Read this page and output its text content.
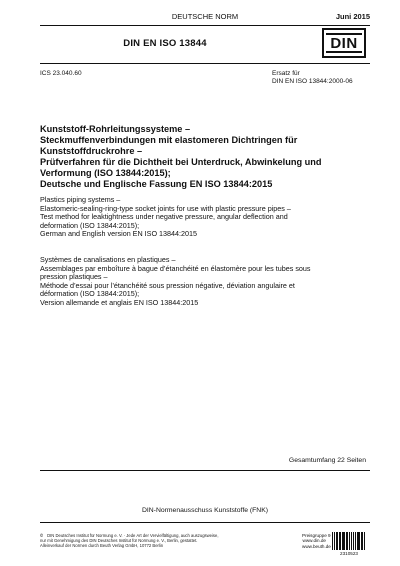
DEUTSCHE NORM	Juni 2015
DIN EN ISO 13844	DIN
ICS 23.040.60	Ersatz für
DIN EN ISO 13844:2000-06
Kunststoff-Rohrleitungssysteme –
Steckmuffenverbindungen mit elastomeren Dichtringen für
Kunststoffdruckrohre –
Prüfverfahren für die Dichtheit bei Unterdruck, Abwinkelung und
Verformung (ISO 13844:2015);
Deutsche und Englische Fassung EN ISO 13844:2015
Plastics piping systems –
Elastomeric-sealing-ring-type socket joints for use with plastic pressure pipes –
Test method for leaktightness under negative pressure, angular deflection and
deformation (ISO 13844:2015);
German and English version EN ISO 13844:2015
Systèmes de canalisations en plastiques –
Assemblages par emboîture à bague d’étanchéité en élastomère pour les tubes sous
pression plastiques –
Méthode d’essai pour l’étanchéité sous pression négative, déviation angulaire et
déformation (ISO 13844:2015);
Version allemande et anglais EN ISO 13844:2015
Gesamtumfang 22 Seiten
DIN-Normenausschuss Kunststoffe (FNK)
© DIN Deutsches Institut für Normung e. V. · Jede Art der Vervielfältigung, auch auszugsweise,
nur mit Genehmigung des DIN Deutsches Institut für Normung e. V., Berlin, gestattet.
Alleinverkauf der Normen durch Beuth Verlag GmbH, 10772 Berlin
Preisgruppe 9
www.din.de
www.beuth.de
2310523
